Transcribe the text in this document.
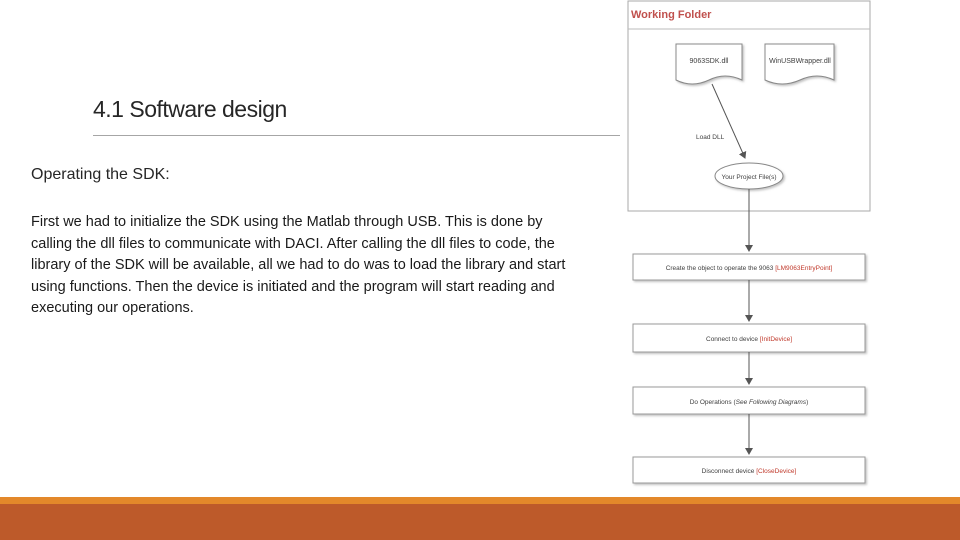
4.1 Software design
Operating the SDK:
First we had to initialize the SDK using the Matlab through USB. This is done by calling the dll files to communicate with DACI. After calling the dll files to code, the library of the SDK will be available, all we had to do was to load the library and start using functions. Then the device is initiated and the program will start reading and executing our operations.
Working Folder
9063SDK.dll	WinUSBWrapper.dll
Load DLL
Your Project File(s)
Create the object to operate the 9063 [LM9063EntryPoint]
Connect to device [InitDevice]
Do Operations (See Following Diagrams)
Disconnect device [CloseDevice]
